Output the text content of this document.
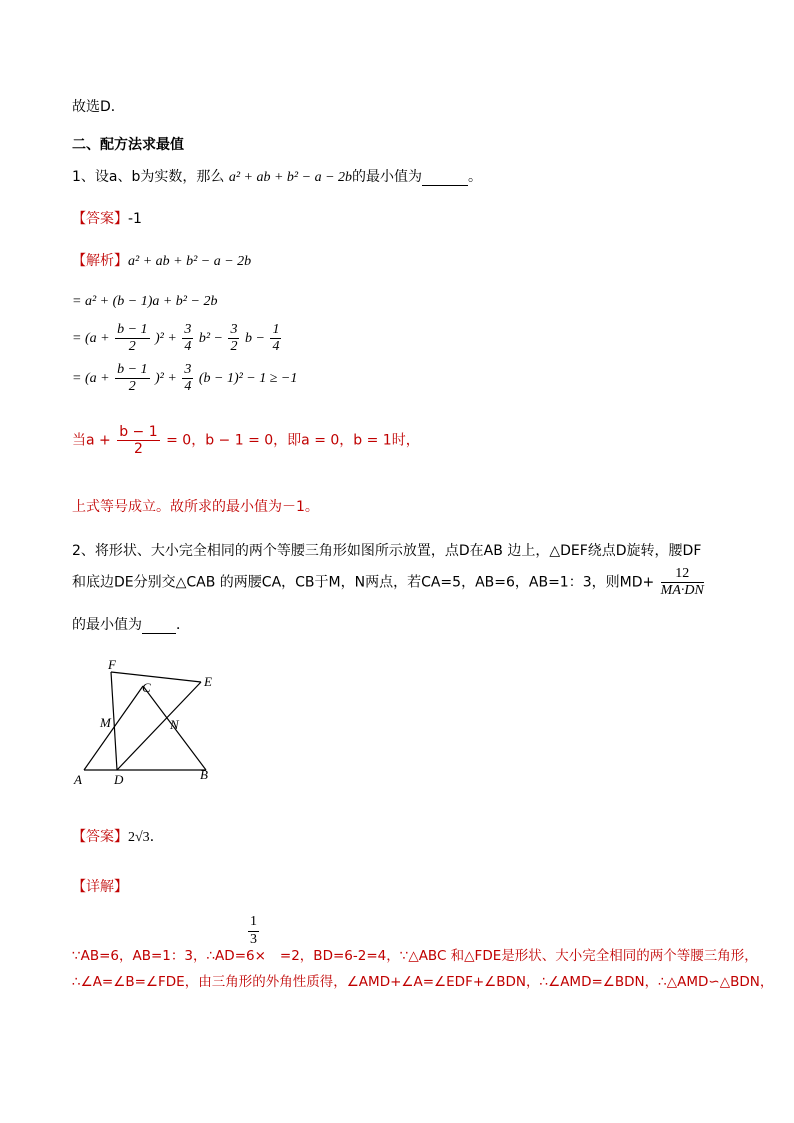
故选D．
二、配方法求最值
1、设a、b为实数，那么 a² + ab + b² − a − 2b的最小值为	。
【答案】-1
【解析】a² + ab + b² − a − 2b
= a² + (b − 1)a + b² − 2b
= $(a + \frac{b - 1}{2} )^2 + \frac{3}{4} b^2 - \frac{3}{2}$ $b - \frac{1}{4}$
= $(a + \frac{b - 1}{2} )^2 + \frac{3}{4} (b - 1)^2 - 1 \ge -1$
当$a + \frac{b - 1}{2} = 0$，b − 1 = 0，即a = 0，b = 1时，
上式等号成立。故所求的最小值为－1。
2、将形状、大小完全相同的两个等腰三角形如图所示放置，点D在AB 边上，△DEF绕点D旋转，腰DF
和底边DE分别交△CAB 的两腰CA，CB于M，N两点，若CA=5，AB=6，AB=1：3，则$MD+ \frac{12}{MA\cdot DN}$
的最小值为 ．
F
C	E
M	N
A D	B
【答案】2√3．
【详解】
$\frac{1}{3}$
∵AB=6，AB=1：3，∴AD=6× =2，BD=6-2=4，∵△ABC 和△FDE是形状、大小完全相同的两个等腰三角形，
∴∠A=∠B=∠FDE，由三角形的外角性质得，∠AMD+∠A=∠EDF+∠BDN，∴∠AMD=∠BDN，∴△AMD∽△BDN，
